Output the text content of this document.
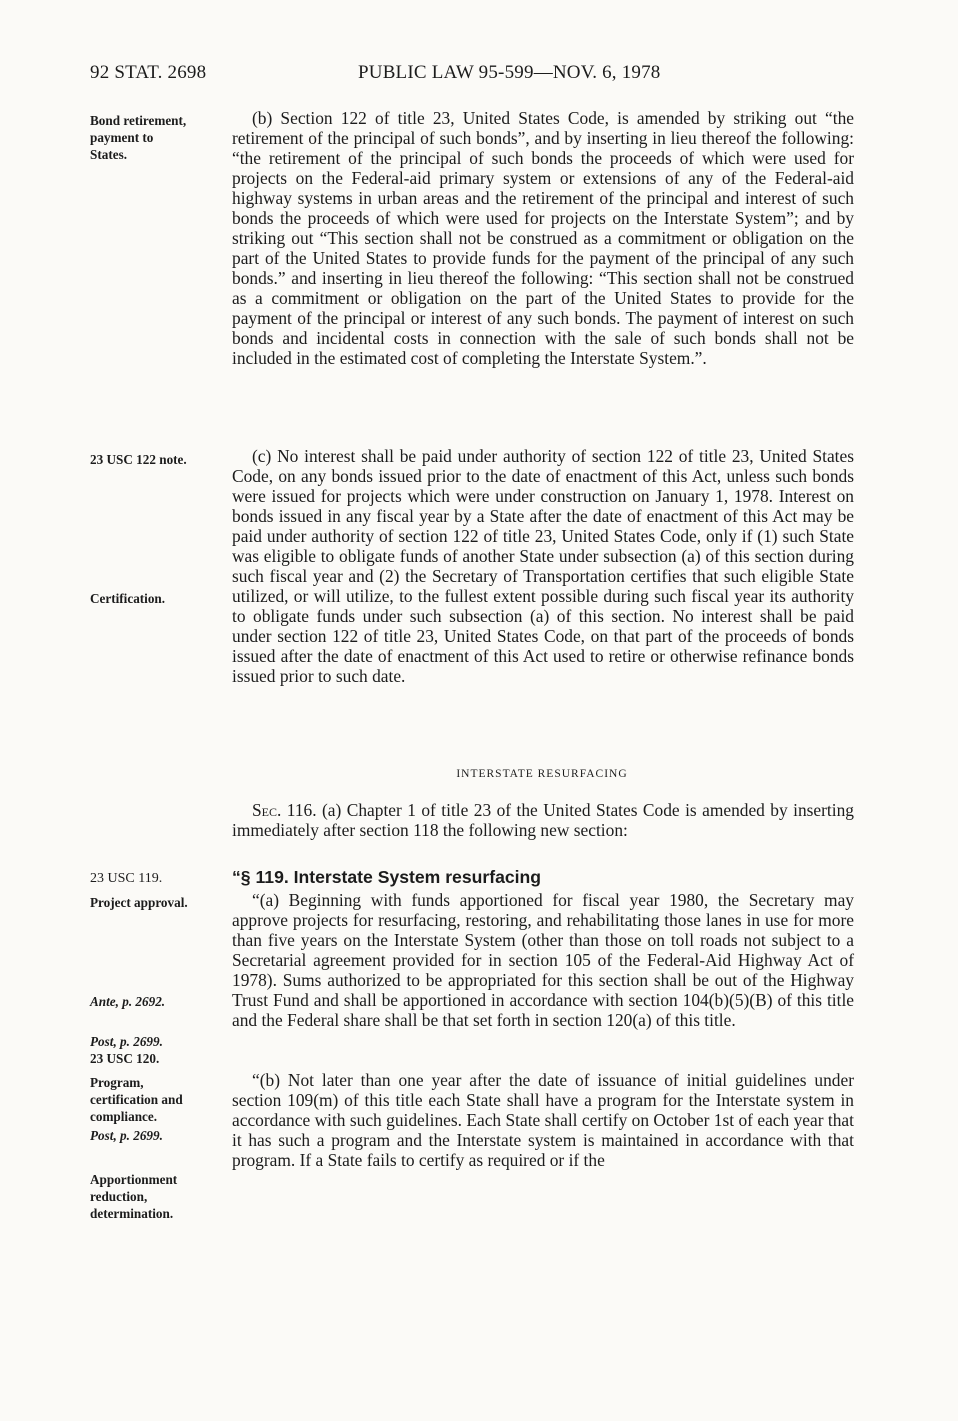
92 STAT. 2698	PUBLIC LAW 95-599—NOV. 6, 1978
Bond retirement,
payment to
States.
23 USC 122 note.
Certification.
23 USC 119.
Project approval.
Ante, p. 2692.
Post, p. 2699.
23 USC 120.
Program,
certification and
compliance.
Post, p. 2699.
Apportionment
reduction,
determination.

(b) Section 122 of title 23, United States Code, is amended by striking out “the retirement of the principal of such bonds”, and by inserting in lieu thereof the following: “the retirement of the principal of such bonds the proceeds of which were used for projects on the Federal-aid primary system or extensions of any of the Federal-aid highway systems in urban areas and the retirement of the principal and interest of such bonds the proceeds of which were used for projects on the Interstate System”; and by striking out “This section shall not be construed as a commitment or obligation on the part of the United States to provide funds for the payment of the principal of any such bonds.” and inserting in lieu thereof the following: “This section shall not be construed as a commitment or obligation on the part of the United States to provide for the payment of the principal or interest of any such bonds. The payment of interest on such bonds and incidental costs in connection with the sale of such bonds shall not be included in the estimated cost of completing the Interstate System.”.

(c) No interest shall be paid under authority of section 122 of title 23, United States Code, on any bonds issued prior to the date of enactment of this Act, unless such bonds were issued for projects which were under construction on January 1, 1978. Interest on bonds issued in any fiscal year by a State after the date of enactment of this Act may be paid under authority of section 122 of title 23, United States Code, only if (1) such State was eligible to obligate funds of another State under subsection (a) of this section during such fiscal year and (2) the Secretary of Transportation certifies that such eligible State utilized, or will utilize, to the fullest extent possible during such fiscal year its authority to obligate funds under such subsection (a) of this section. No interest shall be paid under section 122 of title 23, United States Code, on that part of the proceeds of bonds issued after the date of enactment of this Act used to retire or otherwise refinance bonds issued prior to such date.

INTERSTATE RESURFACING

Sec. 116. (a) Chapter 1 of title 23 of the United States Code is amended by inserting immediately after section 118 the following new section:

“§ 119. Interstate System resurfacing

“(a) Beginning with funds apportioned for fiscal year 1980, the Secretary may approve projects for resurfacing, restoring, and rehabilitating those lanes in use for more than five years on the Interstate System (other than those on toll roads not subject to a Secretarial agreement provided for in section 105 of the Federal-Aid Highway Act of 1978). Sums authorized to be appropriated for this section shall be out of the Highway Trust Fund and shall be apportioned in accordance with section 104(b)(5)(B) of this title and the Federal share shall be that set forth in section 120(a) of this title.

“(b) Not later than one year after the date of issuance of initial guidelines under section 109(m) of this title each State shall have a program for the Interstate system in accordance with such guidelines. Each State shall certify on October 1st of each year that it has such a program and the Interstate system is maintained in accordance with that program. If a State fails to certify as required or if the
